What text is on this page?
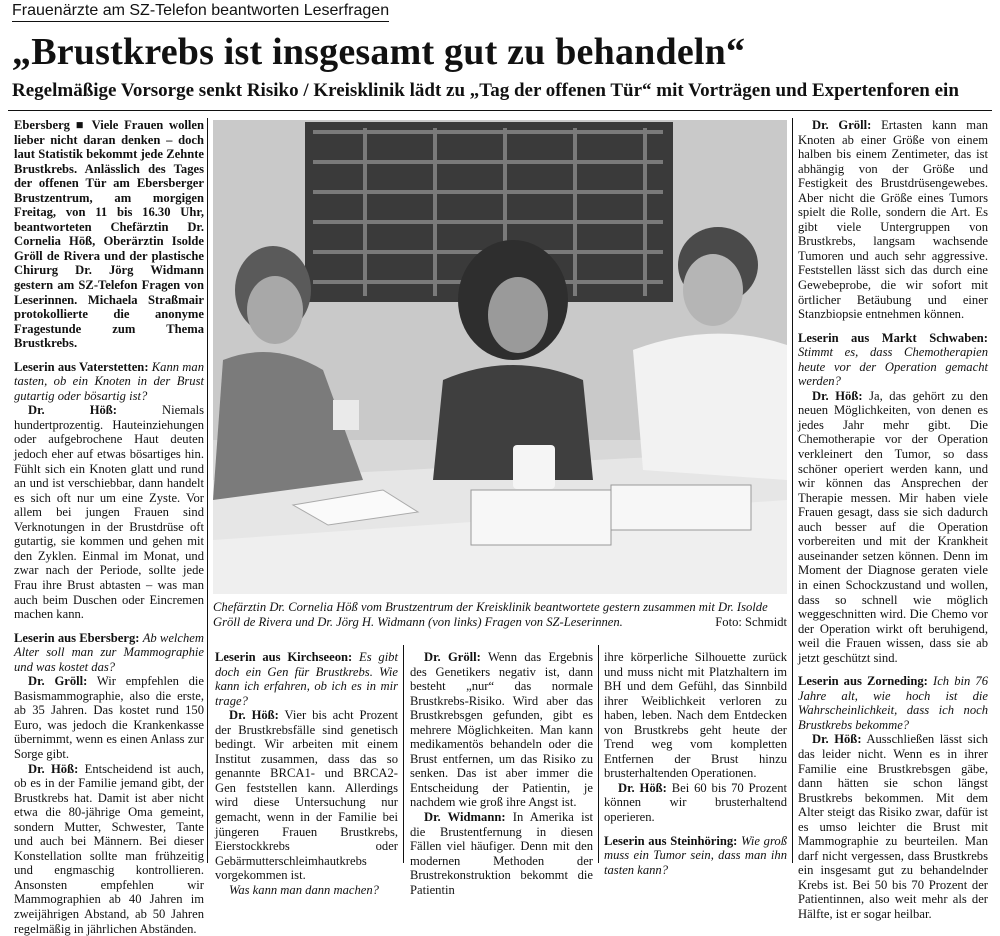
Frauenärzte am SZ-Telefon beantworten Leserfragen
„Brustkrebs ist insgesamt gut zu behandeln“
Regelmäßige Vorsorge senkt Risiko / Kreisklinik lädt zu „Tag der offenen Tür“ mit Vorträgen und Expertenforen ein

Ebersberg ■ Viele Frauen wollen lieber nicht daran denken – doch laut Statistik bekommt jede Zehnte Brustkrebs. Anlässlich des Tages der offenen Tür am Ebersberger Brustzentrum, am morgigen Freitag, von 11 bis 16.30 Uhr, beantworteten Chefärztin Dr. Cornelia Höß, Oberärztin Isolde Gröll de Rivera und der plastische Chirurg Dr. Jörg Widmann gestern am SZ-Telefon Fragen von Leserinnen. Michaela Straßmair protokollierte die anonyme Fragestunde zum Thema Brustkrebs.

Leserin aus Vaterstetten: Kann man tasten, ob ein Knoten in der Brust gutartig oder bösartig ist?

Dr. Höß:	Niemals hundertprozentig. Hauteinziehungen oder aufgebrochene Haut deuten jedoch eher auf etwas bösartiges hin. Fühlt sich ein Knoten glatt und rund an und ist verschiebbar, dann handelt es sich oft nur um eine Zyste. Vor allem bei jungen Frauen sind Verknotungen in der Brustdrüse oft gutartig, sie kommen und gehen mit den Zyklen. Einmal im Monat, und zwar nach der Periode, sollte jede Frau ihre Brust abtasten – was man auch beim Duschen oder Eincremen machen kann.

Leserin aus Ebersberg: Ab welchem Alter soll man zur Mammographie und was kostet das?

Dr. Gröll: Wir empfehlen die Basismammographie, also die erste, ab 35 Jahren. Das kostet rund 150 Euro, was jedoch die Krankenkasse übernimmt, wenn es einen Anlass zur Sorge gibt.

Dr. Höß: Entscheidend ist auch, ob es in der Familie jemand gibt, der Brustkrebs hat. Damit ist aber nicht etwa die 80-jährige Oma gemeint, sondern Mutter, Schwester, Tante und auch bei Männern. Bei dieser Konstellation sollte man frühzeitig und engmaschig kontrollieren. Ansonsten empfehlen wir Mammographien ab 40 Jahren im zweijährigen Abstand, ab 50 Jahren regelmäßig in jährlichen Abständen.

Chefärztin Dr. Cornelia Höß vom Brustzentrum der Kreisklinik beantwortete gestern zusammen mit Dr. Isolde Gröll de Rivera und Dr. Jörg H. Widmann (von links) Fragen von SZ-Leserinnen.	Foto: Schmidt

Leserin aus Kirchseeon: Es gibt doch ein Gen für Brustkrebs. Wie kann ich erfahren, ob ich es in mir trage?

Dr. Höß: Vier bis acht Prozent der Brustkrebsfälle sind genetisch bedingt. Wir arbeiten mit einem Institut zusammen, dass das so genannte BRCA1- und BRCA2-Gen feststellen kann. Allerdings wird diese Untersuchung nur gemacht, wenn in der Familie bei jüngeren Frauen Brustkrebs, Eierstockkrebs oder Gebärmutterschleimhautkrebs vorgekommen ist.

Was kann man dann machen?

Dr. Gröll: Wenn das Ergebnis des Genetikers negativ ist, dann besteht „nur“ das normale Brustkrebs-Risiko. Wird aber das Brustkrebsgen gefunden, gibt es mehrere Möglichkeiten. Man kann medikamentös behandeln oder die Brust entfernen, um das Risiko zu senken. Das ist aber immer die Entscheidung der Patientin, je nachdem wie groß ihre Angst ist.

Dr. Widmann: In Amerika ist die Brustentfernung in diesen Fällen viel häufiger. Denn mit den modernen Methoden der Brustrekonstruktion bekommt die Patientin

ihre körperliche Silhouette zurück und muss nicht mit Platzhaltern im BH und dem Gefühl, das Sinnbild ihrer Weiblichkeit verloren zu haben, leben. Nach dem Entdecken von Brustkrebs geht heute der Trend weg vom kompletten Entfernen der Brust hinzu brusterhaltenden Operationen.

Dr. Höß: Bei 60 bis 70 Prozent können wir brusterhaltend operieren.

Leserin aus Steinhöring: Wie groß muss ein Tumor sein, dass man ihn tasten kann?

Dr. Gröll: Ertasten kann man Knoten ab einer Größe von einem halben bis einem Zentimeter, das ist abhängig von der Größe und Festigkeit des Brustdrüsengewebes. Aber nicht die Größe eines Tumors spielt die Rolle, sondern die Art. Es gibt viele Untergruppen von Brustkrebs, langsam wachsende Tumoren und auch sehr aggressive. Feststellen lässt sich das durch eine Gewebeprobe, die wir sofort mit örtlicher Betäubung und einer Stanzbiopsie entnehmen können.

Leserin aus Markt Schwaben: Stimmt es, dass Chemotherapien heute vor der Operation gemacht werden?

Dr. Höß: Ja, das gehört zu den neuen Möglichkeiten, von denen es jedes Jahr mehr gibt. Die Chemotherapie vor der Operation verkleinert den Tumor, so dass schöner operiert werden kann, und wir können das Ansprechen der Therapie messen. Mir haben viele Frauen gesagt, dass sie sich dadurch auch besser auf die Operation vorbereiten und mit der Krankheit auseinander setzen können. Denn im Moment der Diagnose geraten viele in einen Schockzustand und wollen, dass so schnell wie möglich weggeschnitten wird. Die Chemo vor der Operation wirkt oft beruhigend, weil die Frauen wissen, dass sie ab jetzt geschützt sind.

Leserin aus Zorneding: Ich bin 76 Jahre alt, wie hoch ist die Wahrscheinlichkeit, dass ich noch Brustkrebs bekomme?

Dr. Höß: Ausschließen lässt sich das leider nicht. Wenn es in ihrer Familie eine Brustkrebsgen gäbe, dann hätten sie schon längst Brustkrebs bekommen. Mit dem Alter steigt das Risiko zwar, dafür ist es umso leichter die Brust mit Mammographie zu beurteilen. Man darf nicht vergessen, dass Brustkrebs ein insgesamt gut zu behandelnder Krebs ist. Bei 50 bis 70 Prozent der Patientinnen, also weit mehr als der Hälfte, ist er sogar heilbar.
